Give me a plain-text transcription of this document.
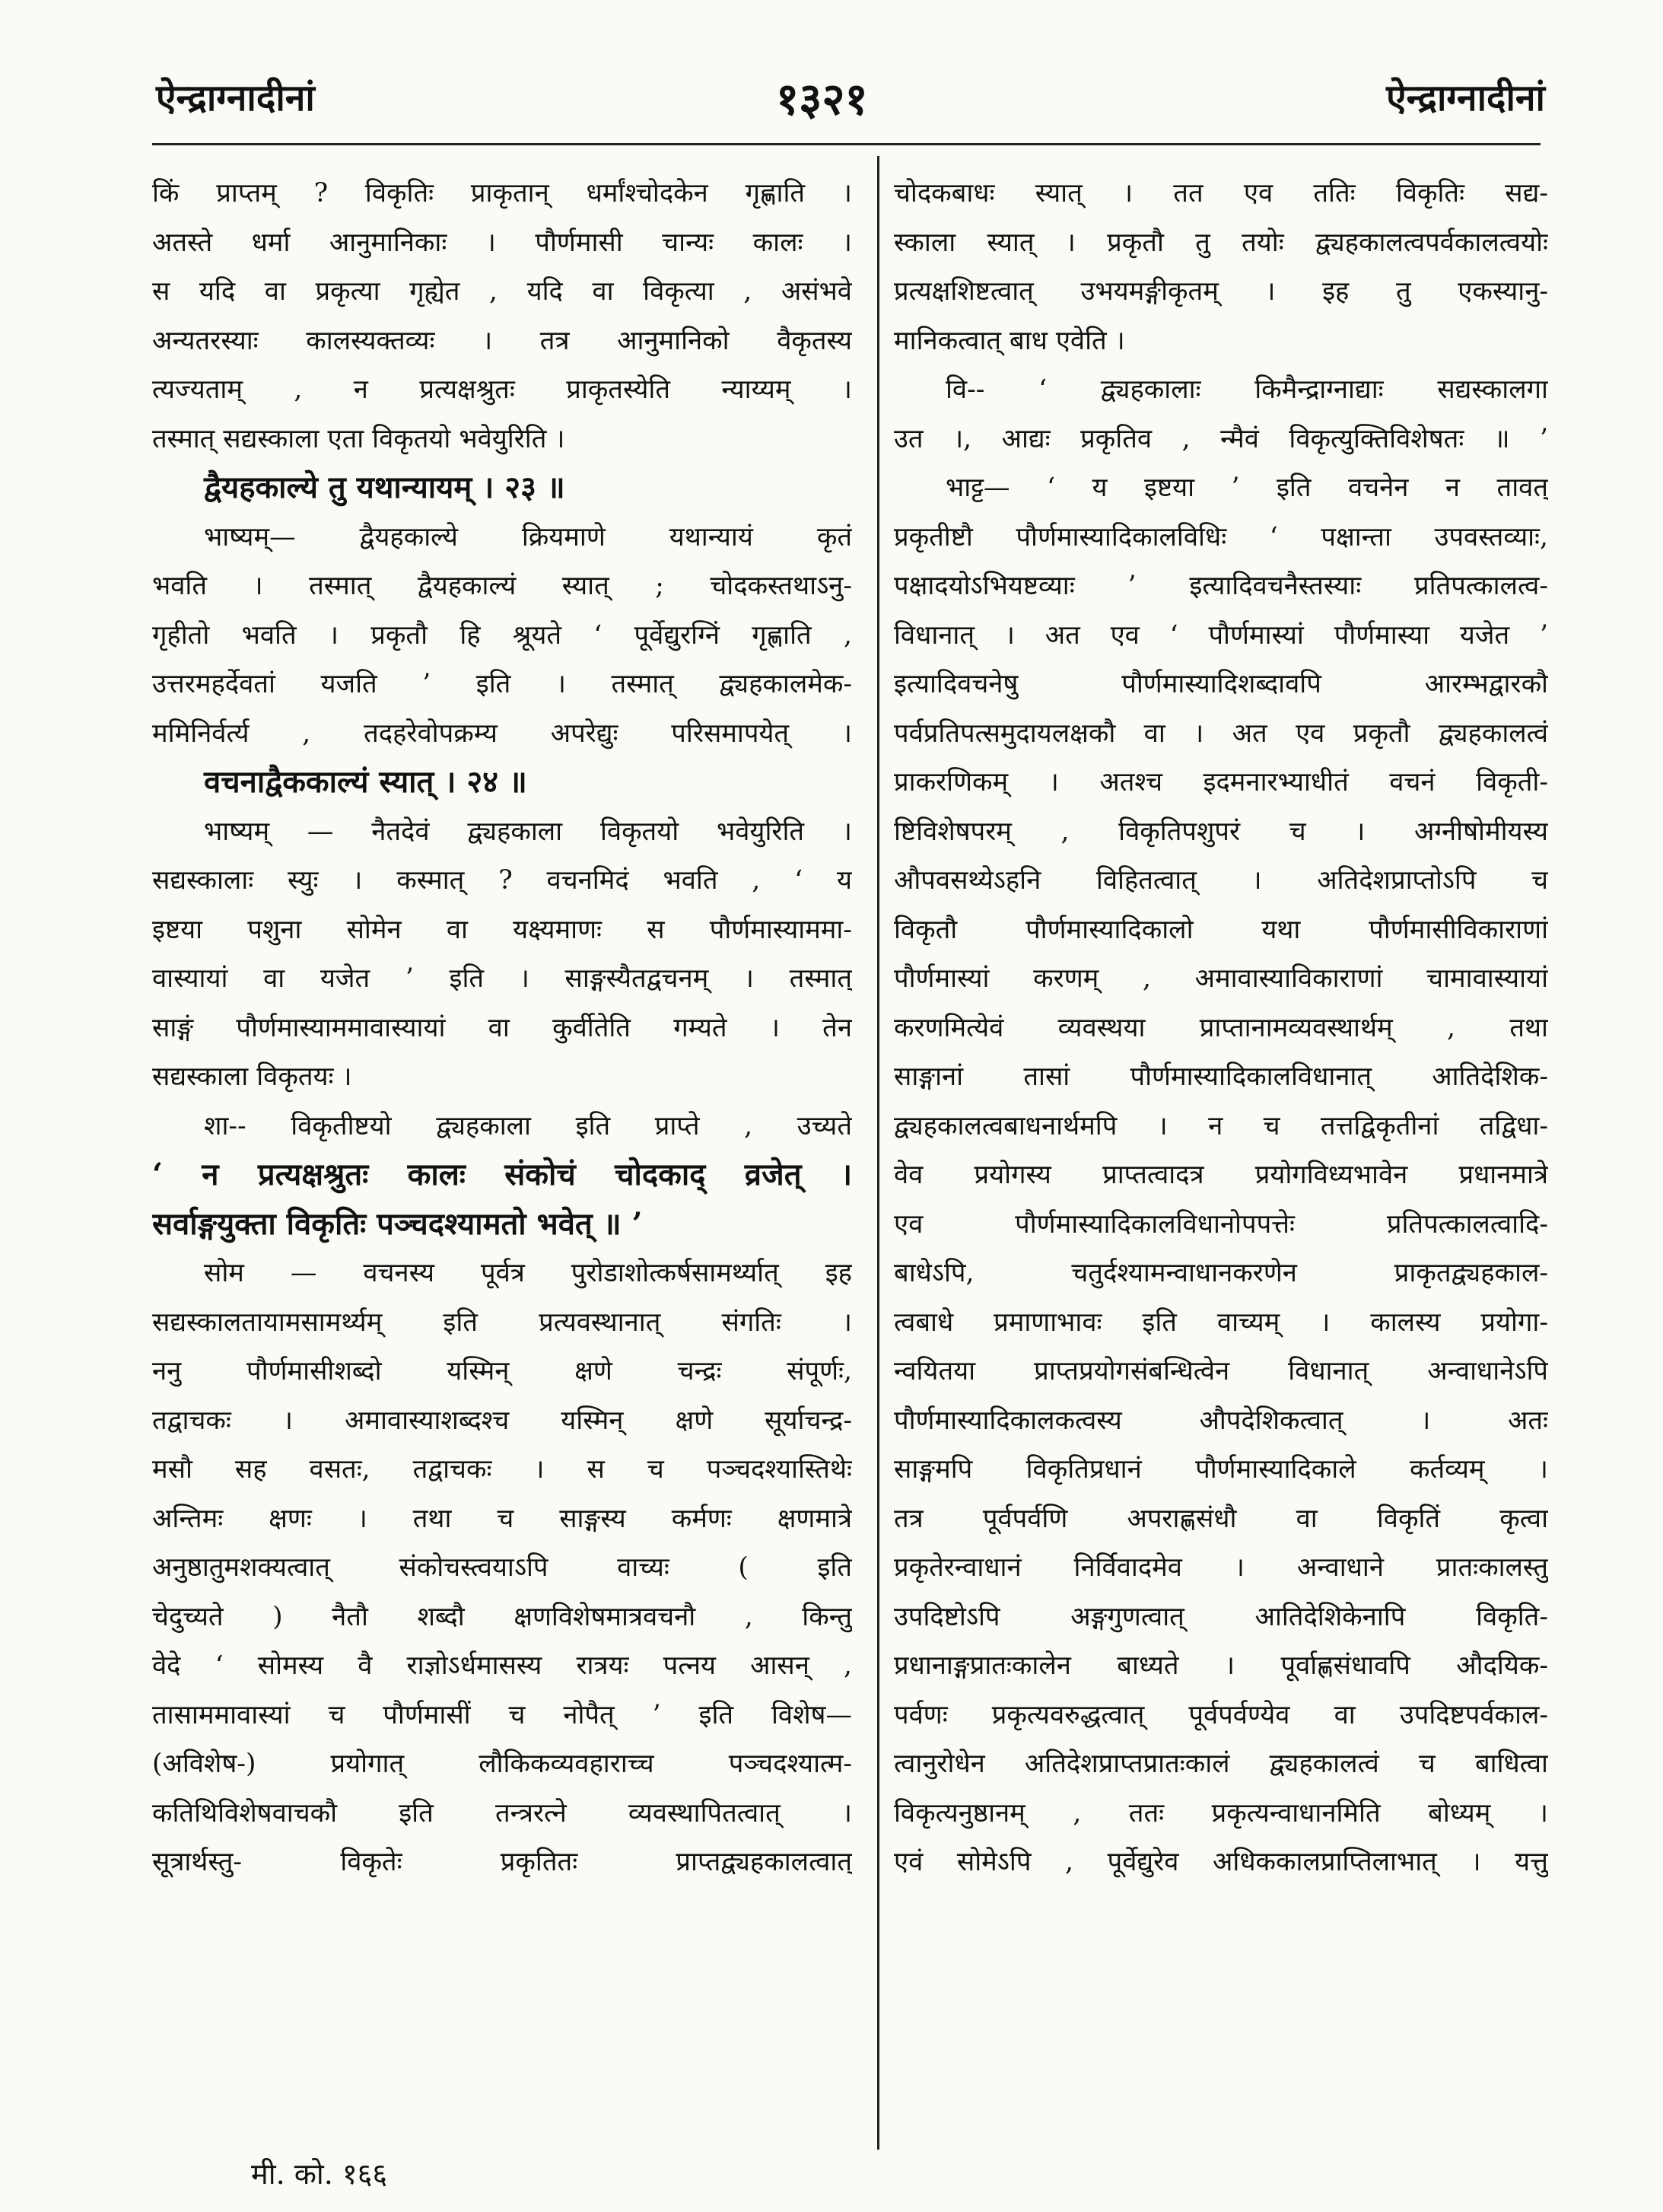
ऐन्द्राग्नादीनां	१३२१	ऐन्द्राग्नादीनां
किं प्राप्तम् ? विकृतिः प्राकृतान् धर्मांश्चोदकेन गृह्णाति ।
अतस्ते धर्मा आनुमानिकाः । पौर्णमासी चान्यः कालः ।
स यदि वा प्रकृत्या गृह्येत , यदि वा विकृत्या , असंभवे
अन्यतरस्याः कालस्यक्तव्यः । तत्र आनुमानिको वैकृतस्य
त्यज्यताम् , न प्रत्यक्षश्रुतः प्राकृतस्येति न्याय्यम् ।
तस्मात् सद्यस्काला एता विकृतयो भवेयुरिति ।
द्वैयहकाल्ये तु यथान्यायम् । २३ ॥
भाष्यम्— द्वैयहकाल्ये क्रियमाणे यथान्यायं कृतं
भवति । तस्मात् द्वैयहकाल्यं स्यात् ; चोदकस्तथाऽनु-
गृहीतो भवति । प्रकृतौ हि श्रूयते ‘ पूर्वेद्युरग्निं गृह्णाति ,
उत्तरमहर्देवतां यजति ’ इति । तस्मात् द्व्यहकालमेक-
ममिनिर्वर्त्य , तदहरेवोपक्रम्य अपरेद्युः परिसमापयेत् ।
वचनाद्वैककाल्यं स्यात् । २४ ॥
भाष्यम् — नैतदेवं द्व्यहकाला विकृतयो भवेयुरिति ।
सद्यस्कालाः स्युः । कस्मात् ? वचनमिदं भवति , ‘ य
इष्टया पशुना सोमेन वा यक्ष्यमाणः स पौर्णमास्याममा-
वास्यायां वा यजेत ’ इति । साङ्गस्यैतद्वचनम् । तस्मात्
साङ्गं पौर्णमास्याममावास्यायां वा कुर्वीतेति गम्यते । तेन
सद्यस्काला विकृतयः ।
शा-- विकृतीष्टयो द्व्यहकाला इति प्राप्ते , उच्यते
‘ न प्रत्यक्षश्रुतः कालः संकोचं चोदकाद् व्रजेत् ।
सर्वाङ्गयुक्ता विकृतिः पञ्चदश्यामतो भवेत् ॥ ’
सोम — वचनस्य पूर्वत्र पुरोडाशोत्कर्षसामर्थ्यात् इह
सद्यस्कालतायामसामर्थ्यम् इति प्रत्यवस्थानात् संगतिः ।
ननु पौर्णमासीशब्दो यस्मिन् क्षणे चन्द्रः संपूर्णः,
तद्वाचकः । अमावास्याशब्दश्च यस्मिन् क्षणे सूर्याचन्द्र-
मसौ सह वसतः, तद्वाचकः । स च पञ्चदश्यास्तिथेः
अन्तिमः क्षणः । तथा च साङ्गस्य कर्मणः क्षणमात्रे
अनुष्ठातुमशक्यत्वात् संकोचस्त्वयाऽपि वाच्यः ( इति
चेदुच्यते ) नैतौ शब्दौ क्षणविशेषमात्रवचनौ , किन्तु
वेदे ‘ सोमस्य वै राज्ञोऽर्धमासस्य रात्रयः पत्नय आसन् ,
तासाममावास्यां च पौर्णमासीं च नोपैत् ’ इति विशेष—
(अविशेष-) प्रयोगात् लौकिकव्यवहाराच्च पञ्चदश्यात्म-
कतिथिविशेषवाचकौ इति तन्त्ररत्ने व्यवस्थापितत्वात् ।
सूत्रार्थस्तु- विकृतेः प्रकृतितः प्राप्तद्व्यहकालत्वात्
चोदकबाधः स्यात् । तत एव ततिः विकृतिः सद्य-
स्काला स्यात् । प्रकृतौ तु तयोः द्व्यहकालत्वपर्वकालत्वयोः
प्रत्यक्षशिष्टत्वात् उभयमङ्गीकृतम् । इह तु एकस्यानु-
मानिकत्वात् बाध एवेति ।
वि-- ‘ द्व्यहकालाः किमैन्द्राग्नाद्याः सद्यस्कालगा
उत ।, आद्यः प्रकृतिव , न्मैवं विकृत्युक्तिविशेषतः ॥ ’
भाट्ट— ‘ य इष्टया ’ इति वचनेन न तावत्
प्रकृतीष्टौ पौर्णमास्यादिकालविधिः ‘ पक्षान्ता उपवस्तव्याः,
पक्षादयोऽभियष्टव्याः ’ इत्यादिवचनैस्तस्याः प्रतिपत्कालत्व-
विधानात् । अत एव ‘ पौर्णमास्यां पौर्णमास्या यजेत ’
इत्यादिवचनेषु पौर्णमास्यादिशब्दावपि आरम्भद्वारकौ
पर्वप्रतिपत्समुदायलक्षकौ वा । अत एव प्रकृतौ द्व्यहकालत्वं
प्राकरणिकम् । अतश्च इदमनारभ्याधीतं वचनं विकृती-
ष्टिविशेषपरम् , विकृतिपशुपरं च । अग्नीषोमीयस्य
औपवसथ्येऽहनि विहितत्वात् । अतिदेशप्राप्तोऽपि च
विकृतौ पौर्णमास्यादिकालो यथा पौर्णमासीविकाराणां
पौर्णमास्यां करणम् , अमावास्याविकाराणां चामावास्यायां
करणमित्येवं व्यवस्थया प्राप्तानामव्यवस्थार्थम् , तथा
साङ्गानां तासां पौर्णमास्यादिकालविधानात् आतिदेशिक-
द्व्यहकालत्वबाधनार्थमपि । न च तत्तद्विकृतीनां तद्विधा-
वेव प्रयोगस्य प्राप्तत्वादत्र प्रयोगविध्यभावेन प्रधानमात्रे
एव पौर्णमास्यादिकालविधानोपपत्तेः प्रतिपत्कालत्वादि-
बाधेऽपि, चतुर्दश्यामन्वाधानकरणेन प्राकृतद्व्यहकाल-
त्वबाधे प्रमाणाभावः इति वाच्यम् । कालस्य प्रयोगा-
न्वयितया प्राप्तप्रयोगसंबन्धित्वेन विधानात् अन्वाधानेऽपि
पौर्णमास्यादिकालकत्वस्य औपदेशिकत्वात् । अतः
साङ्गमपि विकृतिप्रधानं पौर्णमास्यादिकाले कर्तव्यम् ।
तत्र पूर्वपर्वणि अपराह्णसंधौ वा विकृतिं कृत्वा
प्रकृतेरन्वाधानं निर्विवादमेव । अन्वाधाने प्रातःकालस्तु
उपदिष्टोऽपि अङ्गगुणत्वात् आतिदेशिकेनापि विकृति-
प्रधानाङ्गप्रातःकालेन बाध्यते । पूर्वाह्णसंधावपि औदयिक-
पर्वणः प्रकृत्यवरुद्धत्वात् पूर्वपर्वण्येव वा उपदिष्टपर्वकाल-
त्वानुरोधेन अतिदेशप्राप्तप्रातःकालं द्व्यहकालत्वं च बाधित्वा
विकृत्यनुष्ठानम् , ततः प्रकृत्यन्वाधानमिति बोध्यम् ।
एवं सोमेऽपि , पूर्वेद्युरेव अधिककालप्राप्तिलाभात् । यत्तु
मी. को. १६६
